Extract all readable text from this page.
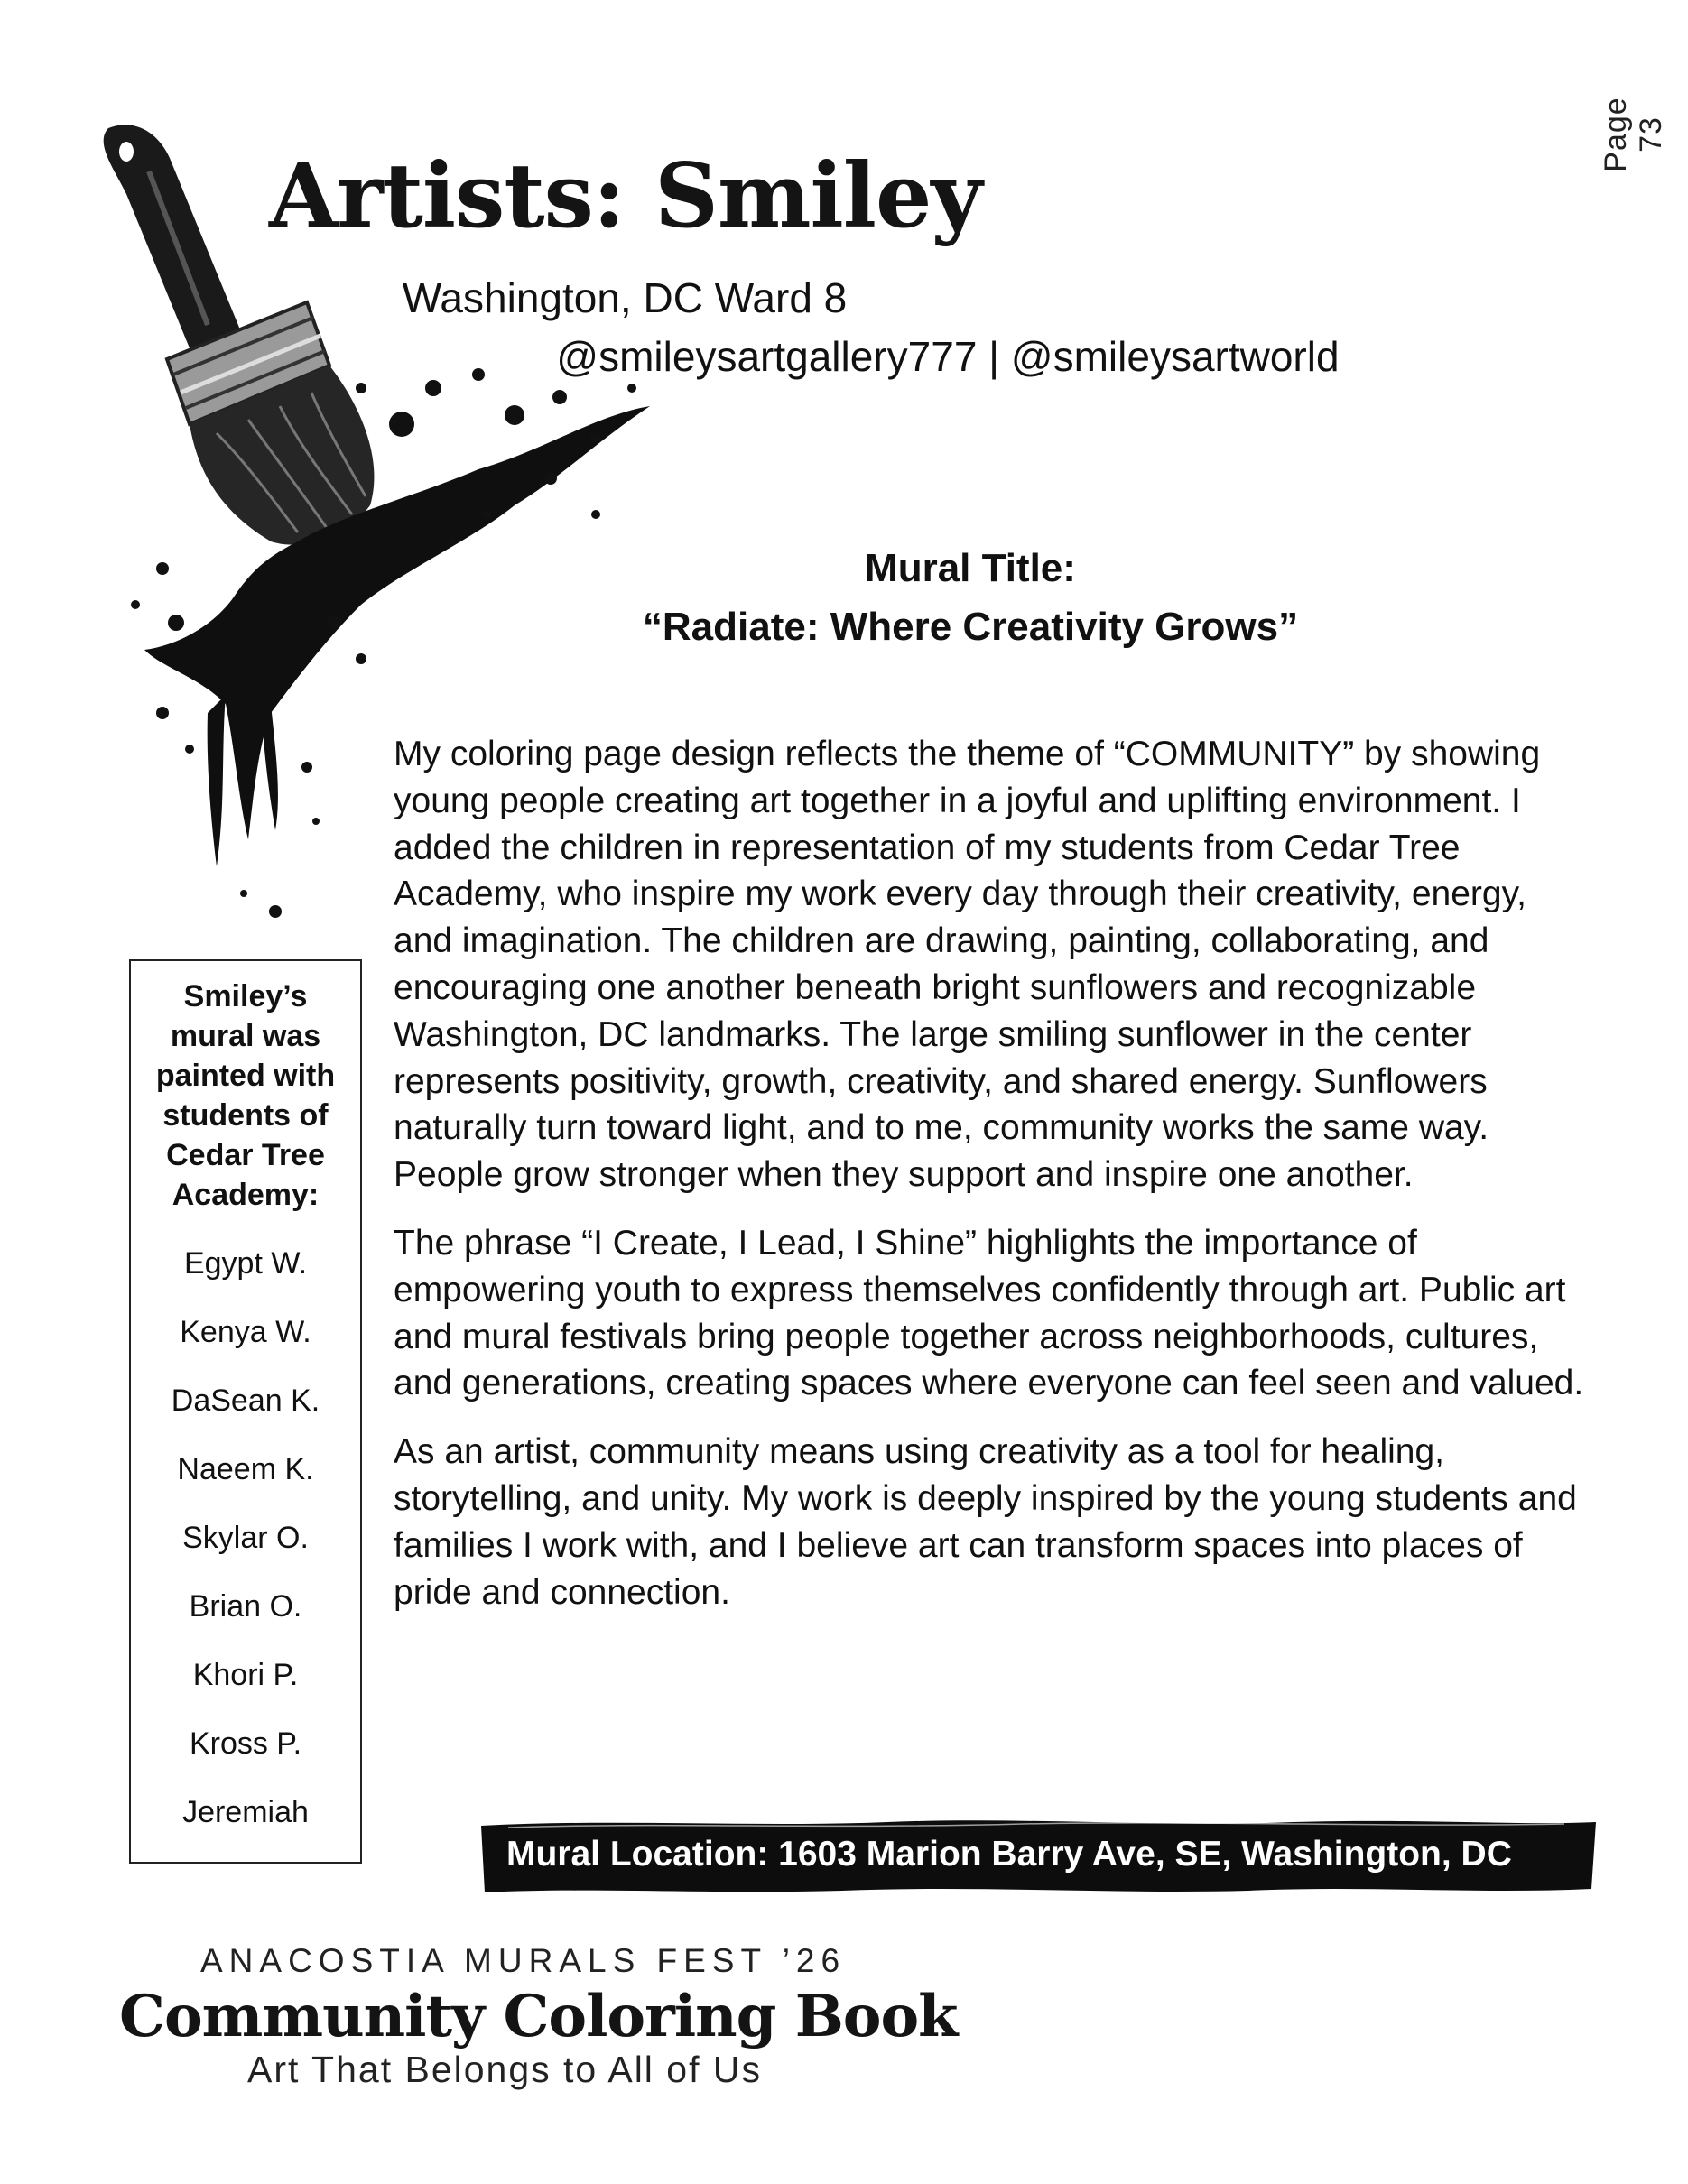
Page 73
Artists: Smiley
Washington, DC Ward 8
@smileysartgallery777 | @smileysartworld
Mural Title:
“Radiate: Where Creativity Grows”

My coloring page design reflects the theme of “COMMUNITY” by showing young people creating art together in a joyful and uplifting environment. I added the children in representation of my students from Cedar Tree Academy, who inspire my work every day through their creativity, energy, and imagination. The children are drawing, painting, collaborating, and encouraging one another beneath bright sunflowers and recognizable Washington, DC landmarks. The large smiling sunflower in the center represents positivity, growth, creativity, and shared energy. Sunflowers naturally turn toward light, and to me, community works the same way. People grow stronger when they support and inspire one another.

The phrase “I Create, I Lead, I Shine” highlights the importance of empowering youth to express themselves confidently through art. Public art and mural festivals bring people together across neighborhoods, cultures, and generations, creating spaces where everyone can feel seen and valued.

As an artist, community means using creativity as a tool for healing, storytelling, and unity. My work is deeply inspired by the young students and families I work with, and I believe art can transform spaces into places of pride and connection.

Smiley’s mural was painted with students of Cedar Tree Academy:
Egypt W.
Kenya W.
DaSean K.
Naeem K.
Skylar O.
Brian O.
Khori P.
Kross P.
Jeremiah
Mural Location: 1603 Marion Barry Ave, SE, Washington, DC
ANACOSTIA MURALS FEST ’26
Community Coloring Book
Art That Belongs to All of Us
